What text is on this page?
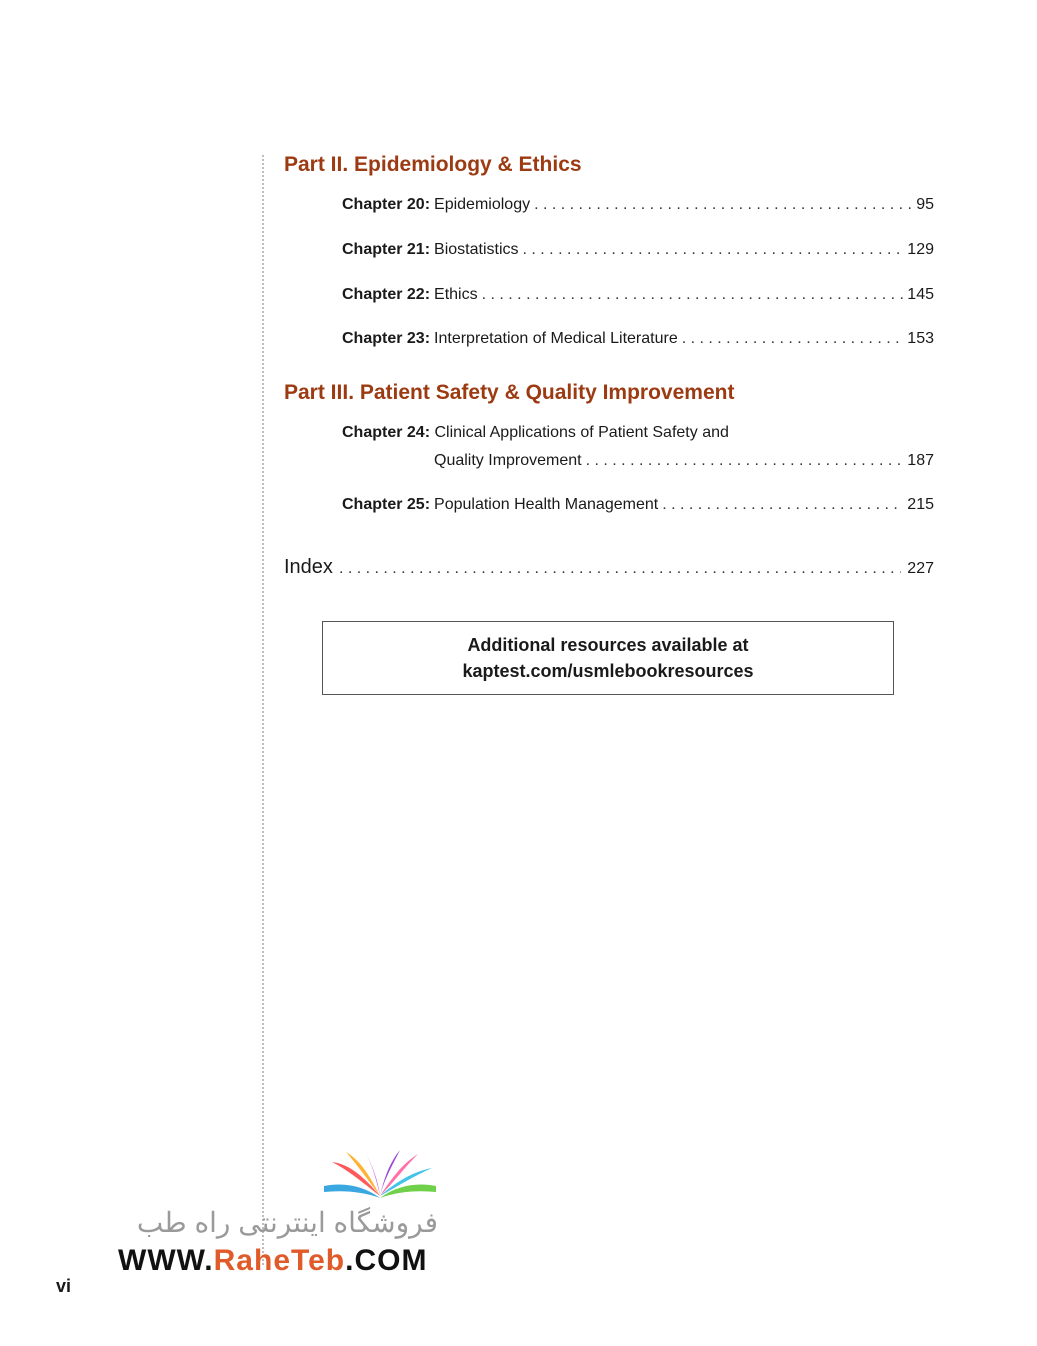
Part II. Epidemiology & Ethics
Chapter 20: Epidemiology . . .	95
Chapter 21: Biostatistics . . .	129
Chapter 22: Ethics . . .	145
Chapter 23: Interpretation of Medical Literature . . .	153
Part III. Patient Safety & Quality Improvement
Chapter 24: Clinical Applications of Patient Safety and
Quality Improvement . . .	187
Chapter 25: Population Health Management . . .	215
Index . . .	227
Additional resources available at
kaptest.com/usmlebookresources
فروشگاه اینترنتی راه طب
WWW.RaheTeb.COM
vi
